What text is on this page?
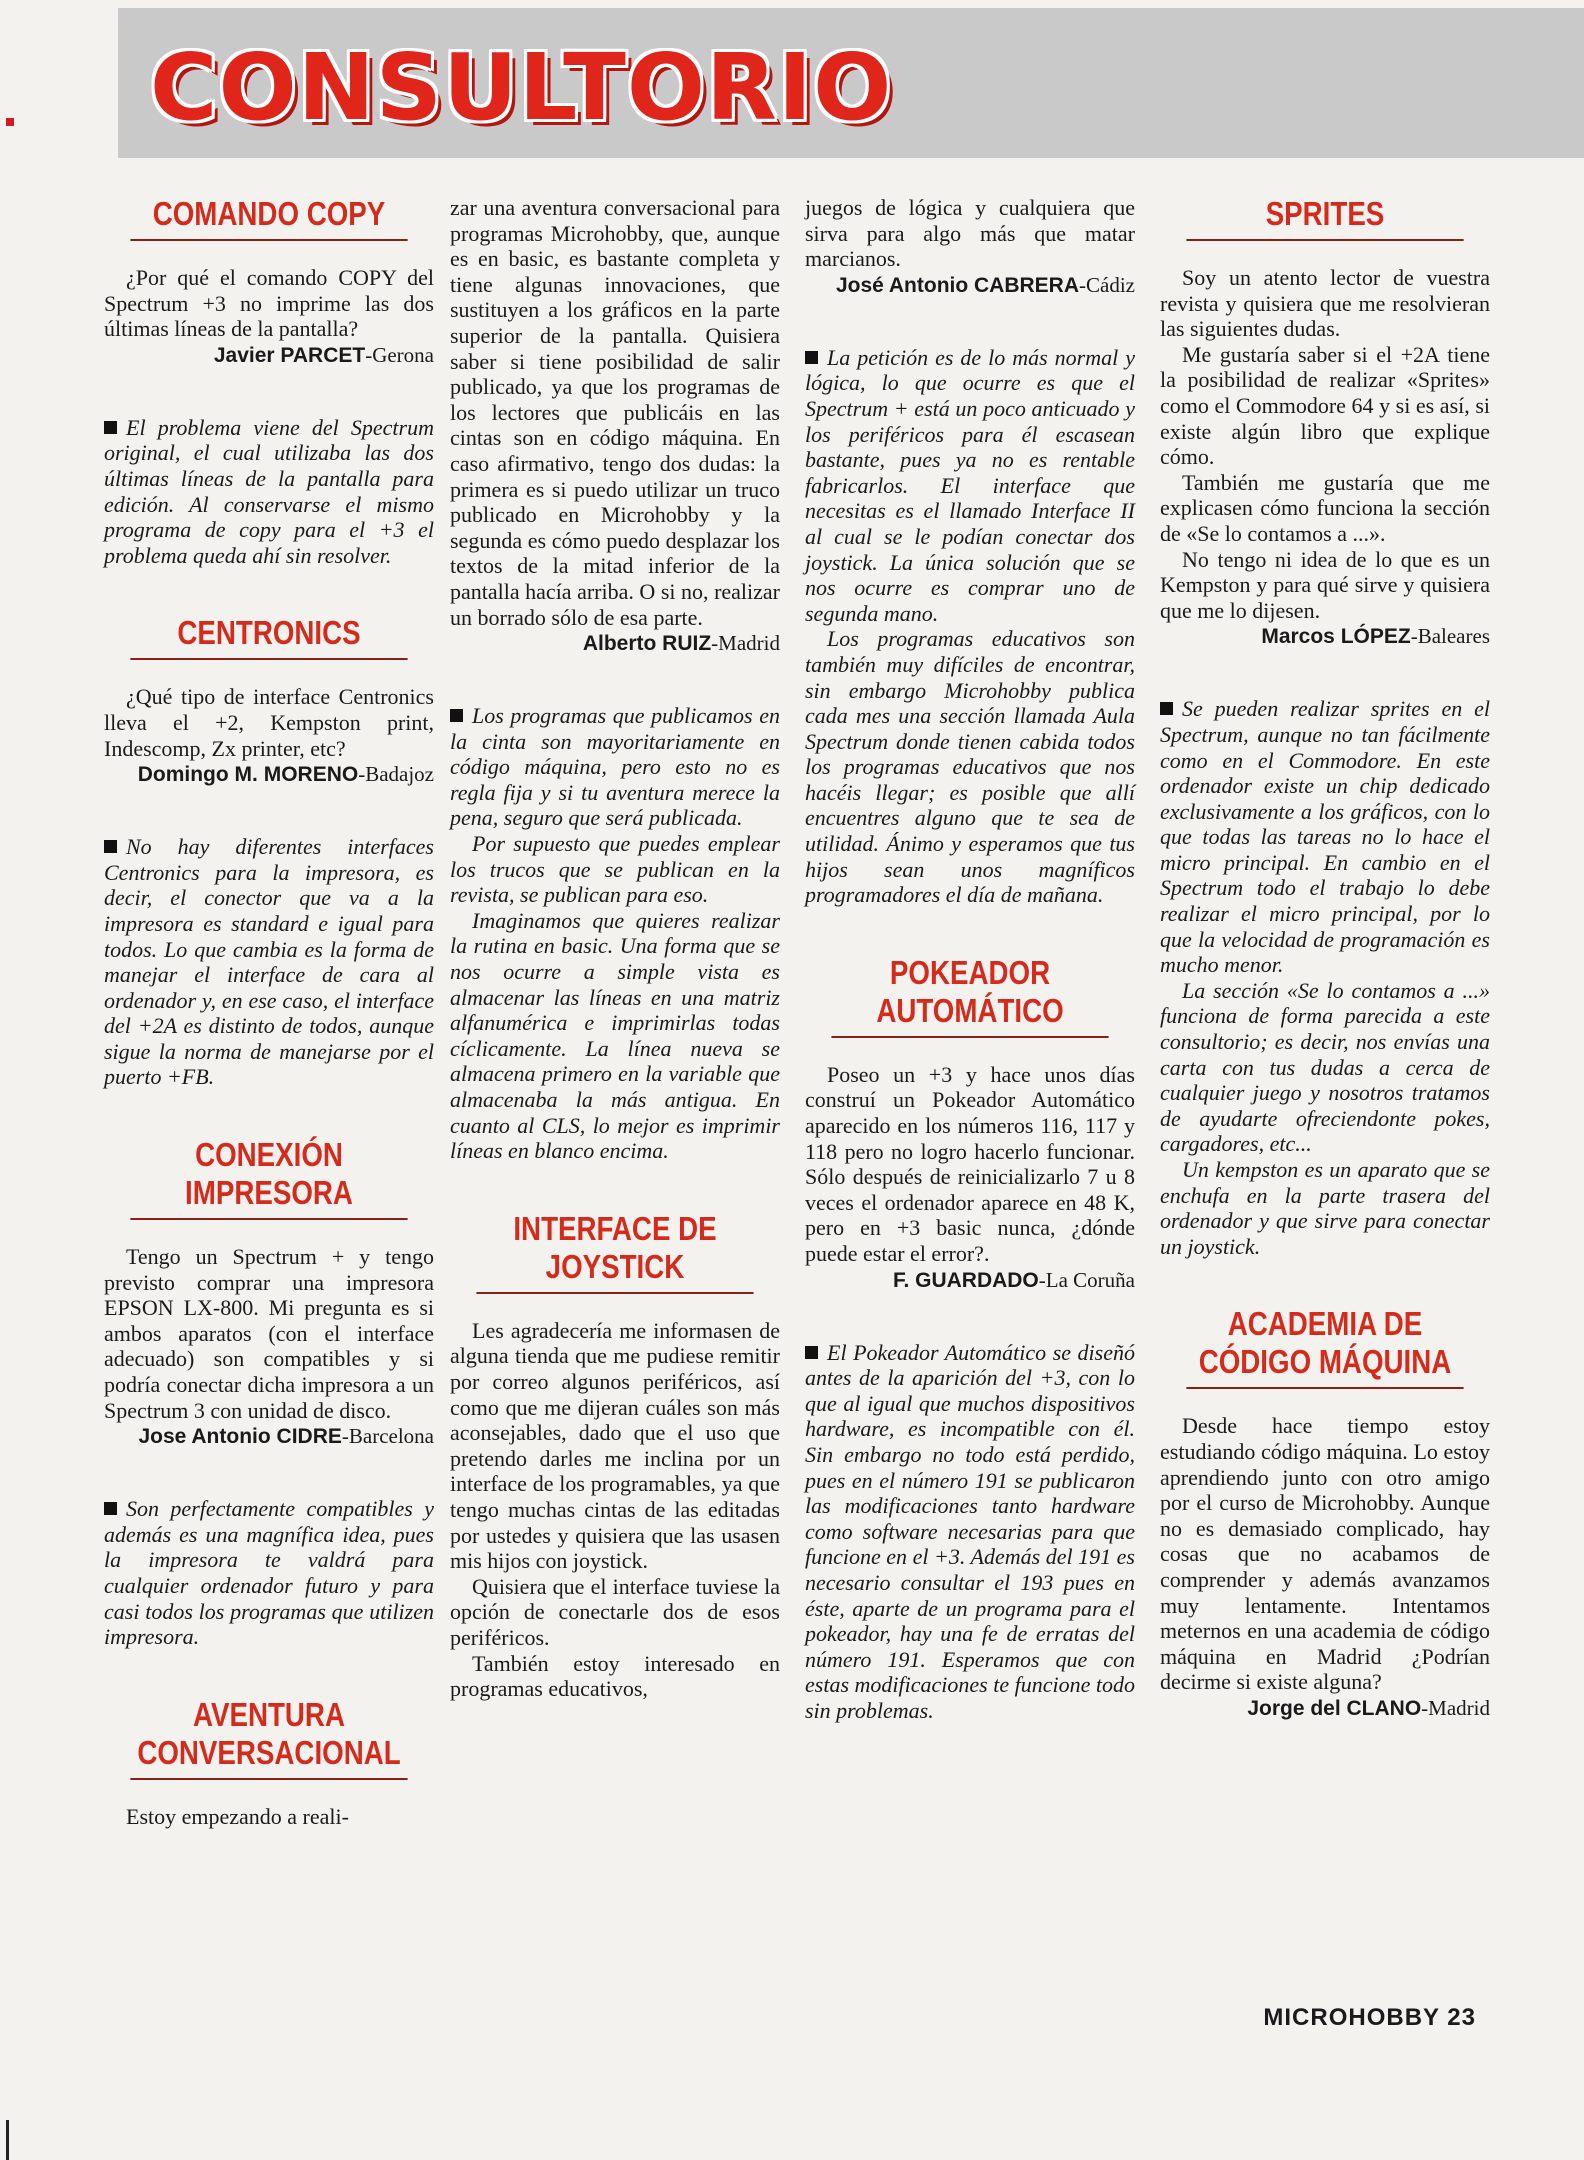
CONSULTORIO
COMANDO COPY

¿Por qué el comando COPY del Spectrum +3 no imprime las dos últimas líneas de la pantalla?

Javier PARCET-Gerona

El problema viene del Spectrum original, el cual utilizaba las dos últimas líneas de la pantalla para edición. Al conservarse el mismo programa de copy para el +3 el problema queda ahí sin resolver.

CENTRONICS

¿Qué tipo de interface Centronics lleva el +2, Kempston print, Indescomp, Zx printer, etc?

Domingo M. MORENO-Badajoz

No hay diferentes interfaces Centronics para la impresora, es decir, el conector que va a la impresora es standard e igual para todos. Lo que cambia es la forma de manejar el interface de cara al ordenador y, en ese caso, el interface del +2A es distinto de todos, aunque sigue la norma de manejarse por el puerto +FB.

CONEXIÓN IMPRESORA

Tengo un Spectrum + y tengo previsto comprar una impresora EPSON LX-800. Mi pregunta es si ambos aparatos (con el interface adecuado) son compatibles y si podría conectar dicha impresora a un Spectrum 3 con unidad de disco.

Jose Antonio CIDRE-Barcelona

Son perfectamente compatibles y además es una magnífica idea, pues la impresora te valdrá para cualquier ordenador futuro y para casi todos los programas que utilizen impresora.

AVENTURA CONVERSACIONAL

Estoy empezando a reali-

zar una aventura conversacional para programas Microhobby, que, aunque es en basic, es bastante completa y tiene algunas innovaciones, que sustituyen a los gráficos en la parte superior de la pantalla. Quisiera saber si tiene posibilidad de salir publicado, ya que los programas de los lectores que publicáis en las cintas son en código máquina. En caso afirmativo, tengo dos dudas: la primera es si puedo utilizar un truco publicado en Microhobby y la segunda es cómo puedo desplazar los textos de la mitad inferior de la pantalla hacía arriba. O si no, realizar un borrado sólo de esa parte.

Alberto RUIZ-Madrid

Los programas que publicamos en la cinta son mayoritariamente en código máquina, pero esto no es regla fija y si tu aventura merece la pena, seguro que será publicada.

Por supuesto que puedes emplear los trucos que se publican en la revista, se publican para eso.

Imaginamos que quieres realizar la rutina en basic. Una forma que se nos ocurre a simple vista es almacenar las líneas en una matriz alfanumérica e imprimirlas todas cíclicamente. La línea nueva se almacena primero en la variable que almacenaba la más antigua. En cuanto al CLS, lo mejor es imprimir líneas en blanco encima.

INTERFACE DE JOYSTICK

Les agradecería me informasen de alguna tienda que me pudiese remitir por correo algunos periféricos, así como que me dijeran cuáles son más aconsejables, dado que el uso que pretendo darles me inclina por un interface de los programables, ya que tengo muchas cintas de las editadas por ustedes y quisiera que las usasen mis hijos con joystick.

Quisiera que el interface tuviese la opción de conectarle dos de esos periféricos.

También estoy interesado en programas educativos,

juegos de lógica y cualquiera que sirva para algo más que matar marcianos.

José Antonio CABRERA-Cádiz

La petición es de lo más normal y lógica, lo que ocurre es que el Spectrum + está un poco anticuado y los periféricos para él escasean bastante, pues ya no es rentable fabricarlos. El interface que necesitas es el llamado Interface II al cual se le podían conectar dos joystick. La única solución que se nos ocurre es comprar uno de segunda mano.

Los programas educativos son también muy difíciles de encontrar, sin embargo Microhobby publica cada mes una sección llamada Aula Spectrum donde tienen cabida todos los programas educativos que nos hacéis llegar; es posible que allí encuentres alguno que te sea de utilidad. Ánimo y esperamos que tus hijos sean unos magníficos programadores el día de mañana.

POKEADOR AUTOMÁTICO

Poseo un +3 y hace unos días construí un Pokeador Automático aparecido en los números 116, 117 y 118 pero no logro hacerlo funcionar. Sólo después de reinicializarlo 7 u 8 veces el ordenador aparece en 48 K, pero en +3 basic nunca, ¿dónde puede estar el error?.

F. GUARDADO-La Coruña

El Pokeador Automático se diseñó antes de la aparición del +3, con lo que al igual que muchos dispositivos hardware, es incompatible con él. Sin embargo no todo está perdido, pues en el número 191 se publicaron las modificaciones tanto hardware como software necesarias para que funcione en el +3. Además del 191 es necesario consultar el 193 pues en éste, aparte de un programa para el pokeador, hay una fe de erratas del número 191. Esperamos que con estas modificaciones te funcione todo sin problemas.

SPRITES

Soy un atento lector de vuestra revista y quisiera que me resolvieran las siguientes dudas.

Me gustaría saber si el +2A tiene la posibilidad de realizar «Sprites» como el Commodore 64 y si es así, si existe algún libro que explique cómo.

También me gustaría que me explicasen cómo funciona la sección de «Se lo contamos a ...».

No tengo ni idea de lo que es un Kempston y para qué sirve y quisiera que me lo dijesen.

Marcos LÓPEZ-Baleares

Se pueden realizar sprites en el Spectrum, aunque no tan fácilmente como en el Commodore. En este ordenador existe un chip dedicado exclusivamente a los gráficos, con lo que todas las tareas no lo hace el micro principal. En cambio en el Spectrum todo el trabajo lo debe realizar el micro principal, por lo que la velocidad de programación es mucho menor.

La sección «Se lo contamos a ...» funciona de forma parecida a este consultorio; es decir, nos envías una carta con tus dudas a cerca de cualquier juego y nosotros tratamos de ayudarte ofreciendonte pokes, cargadores, etc...

Un kempston es un aparato que se enchufa en la parte trasera del ordenador y que sirve para conectar un joystick.

ACADEMIA DE CÓDIGO MÁQUINA

Desde hace tiempo estoy estudiando código máquina. Lo estoy aprendiendo junto con otro amigo por el curso de Microhobby. Aunque no es demasiado complicado, hay cosas que no acabamos de comprender y además avanzamos muy lentamente. Intentamos meternos en una academia de código máquina en Madrid ¿Podrían decirme si existe alguna?

Jorge del CLANO-Madrid
MICROHOBBY 23
